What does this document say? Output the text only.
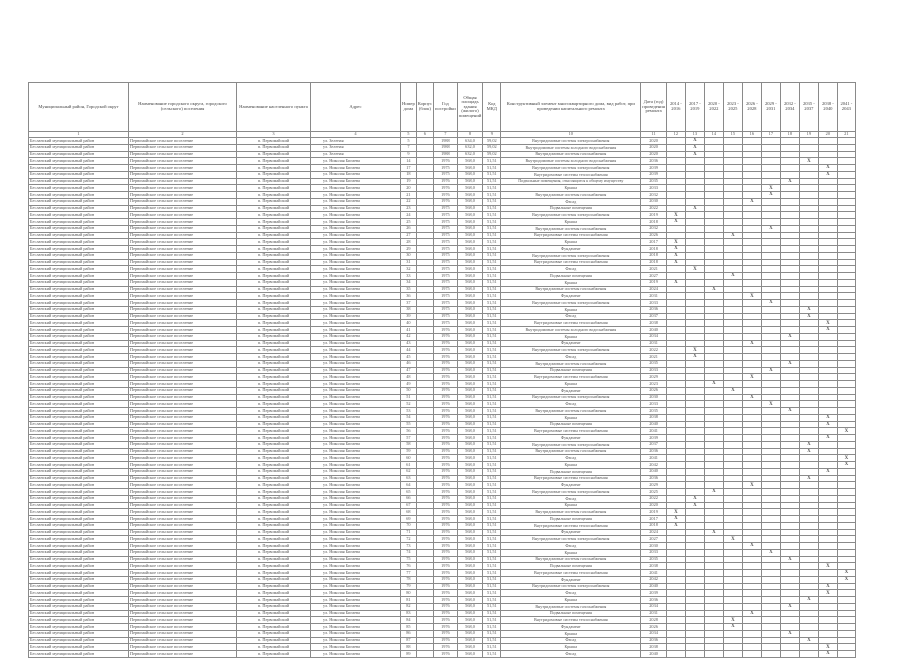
Муниципальный район, Городской округ	Наименование городского округа, городского (сельского) поселения	Наименование населенного пункта	Адрес	Номер дома	Корпус (блок)	Год постройки	Общая площадь здания (жилого) помещений	Код МКД	Конструктивный элемент многоквартирного дома, вид работ, при проведении капитального ремонта	Дата (год) проведения ремонта	2014 - 2016	2017 - 2019	2020 - 2022	2023 - 2025	2026 - 2028	2029 - 2031	2032 - 2034	2035 - 2037	2038 - 2040	2041 - 2043
1	2	3	4	5	6	7	8	9	10	11	12	13	14	15	16	17	18	19	20	21
Бесланский муниципальный район	Первомайское сельское поселение	п. Первомайский	ул. Зеленая	5		1988	634,0	59,02	Внутридомовые системы электроснабжения	2020		X								
Бесланский муниципальный район	Первомайское сельское поселение	п. Первомайский	ул. Зеленая	7		1988	632,0	59,02	Внутридомовые системы холодного водоснабжения	2020		X								
Бесланский муниципальный район	Первомайское сельское поселение	п. Первомайский	ул. Зеленая	9		1988	632,0	59,02	Внутридомовые системы газоснабжения	2020		X								
Бесланский муниципальный район	Первомайское сельское поселение	п. Первомайский	ул. Николая Бигаева	14		1976	568,0	51,51	Внутридомовые системы холодного водоснабжения	2036								X		
Бесланский муниципальный район	Первомайское сельское поселение	п. Первомайский	ул. Николая Бигаева	17		1975	568,0	51,51	Внутридомовые системы электроснабжения	2039									X	
Бесланский муниципальный район	Первомайское сельское поселение	п. Первомайский	ул. Николая Бигаева	18		1975	568,0	51,51	Внутридомовые системы теплоснабжения	2039									X	
Бесланский муниципальный район	Первомайское сельское поселение	п. Первомайский	ул. Николая Бигаева	19		1976	568,0	51,51	Подвальные помещения, относящиеся к общему имуществу	2035							X			
Бесланский муниципальный район	Первомайское сельское поселение	п. Первомайский	ул. Николая Бигаева	20		1976	568,0	51,51	Крыша	2033						X				
Бесланский муниципальный район	Первомайское сельское поселение	п. Первомайский	ул. Николая Бигаева	21		1976	568,0	51,51	Внутридомовые системы газоснабжения	2032						X				
Бесланский муниципальный район	Первомайское сельское поселение	п. Первомайский	ул. Николая Бигаева	22		1976	568,0	51,51	Фасад	2030					X					
Бесланский муниципальный район	Первомайское сельское поселение	п. Первомайский	ул. Николая Бигаева	23		1975	568,0	51,51	Подвальные помещения	2022		X								
Бесланский муниципальный район	Первомайское сельское поселение	п. Первомайский	ул. Николая Бигаева	24		1975	568,0	51,51	Внутридомовые системы электроснабжения	2019	X									
Бесланский муниципальный район	Первомайское сельское поселение	п. Первомайский	ул. Николая Бигаева	25		1975	568,0	51,51	Крыша	2018	X									
Бесланский муниципальный район	Первомайское сельское поселение	п. Первомайский	ул. Николая Бигаева	26		1975	568,0	51,51	Внутридомовые системы газоснабжения	2032						X				
Бесланский муниципальный район	Первомайское сельское поселение	п. Первомайский	ул. Николая Бигаева	27		1975	568,0	51,51	Внутридомовые системы теплоснабжения	2026				X						
Бесланский муниципальный район	Первомайское сельское поселение	п. Первомайский	ул. Николая Бигаева	28		1975	568,0	51,51	Крыша	2017	X									
Бесланский муниципальный район	Первомайское сельское поселение	п. Первомайский	ул. Николая Бигаева	29		1975	568,0	51,51	Фундамент	2018	X									
Бесланский муниципальный район	Первомайское сельское поселение	п. Первомайский	ул. Николая Бигаева	30		1975	568,0	51,51	Внутридомовые системы электроснабжения	2018	X									
Бесланский муниципальный район	Первомайское сельское поселение	п. Первомайский	ул. Николая Бигаева	31		1975	568,0	51,51	Внутридомовые системы теплоснабжения	2018	X									
Бесланский муниципальный район	Первомайское сельское поселение	п. Первомайский	ул. Николая Бигаева	32		1975	568,0	51,51	Фасад	2021		X								
Бесланский муниципальный район	Первомайское сельское поселение	п. Первомайский	ул. Николая Бигаева	33		1975	568,0	51,51	Подвальные помещения	2027				X						
Бесланский муниципальный район	Первомайское сельское поселение	п. Первомайский	ул. Николая Бигаева	34		1975	568,0	51,51	Крыша	2019	X									
Бесланский муниципальный район	Первомайское сельское поселение	п. Первомайский	ул. Николая Бигаева	35		1975	568,0	51,51	Внутридомовые системы газоснабжения	2024			X							
Бесланский муниципальный район	Первомайское сельское поселение	п. Первомайский	ул. Николая Бигаева	36		1975	568,0	51,51	Фундамент	2031					X					
Бесланский муниципальный район	Первомайское сельское поселение	п. Первомайский	ул. Николая Бигаева	37		1975	568,0	51,51	Внутридомовые системы электроснабжения	2033						X				
Бесланский муниципальный район	Первомайское сельское поселение	п. Первомайский	ул. Николая Бигаева	38		1975	568,0	51,51	Крыша	2036								X		
Бесланский муниципальный район	Первомайское сельское поселение	п. Первомайский	ул. Николая Бигаева	39		1975	568,0	51,51	Фасад	2037								X		
Бесланский муниципальный район	Первомайское сельское поселение	п. Первомайский	ул. Николая Бигаева	40		1975	568,0	51,51	Внутридомовые системы теплоснабжения	2038									X	
Бесланский муниципальный район	Первомайское сельское поселение	п. Первомайский	ул. Николая Бигаева	41		1976	568,0	51,51	Внутридомовые системы холодного водоснабжения	2040									X	
Бесланский муниципальный район	Первомайское сельское поселение	п. Первомайский	ул. Николая Бигаева	42		1976	568,0	51,51	Крыша	2034							X			
Бесланский муниципальный район	Первомайское сельское поселение	п. Первомайский	ул. Николая Бигаева	43		1976	568,0	51,51	Фундамент	2031					X					
Бесланский муниципальный район	Первомайское сельское поселение	п. Первомайский	ул. Николая Бигаева	44		1976	568,0	51,51	Внутридомовые системы электроснабжения	2022		X								
Бесланский муниципальный район	Первомайское сельское поселение	п. Первомайский	ул. Николая Бигаева	45		1976	568,0	51,51	Фасад	2021		X								
Бесланский муниципальный район	Первомайское сельское поселение	п. Первомайский	ул. Николая Бигаева	46		1976	568,0	51,51	Внутридомовые системы газоснабжения	2035							X			
Бесланский муниципальный район	Первомайское сельское поселение	п. Первомайский	ул. Николая Бигаева	47		1976	568,0	51,51	Подвальные помещения	2033						X				
Бесланский муниципальный район	Первомайское сельское поселение	п. Первомайский	ул. Николая Бигаева	48		1976	568,0	51,51	Внутридомовые системы теплоснабжения	2029					X					
Бесланский муниципальный район	Первомайское сельское поселение	п. Первомайский	ул. Николая Бигаева	49		1976	568,0	51,51	Крыша	2023			X							
Бесланский муниципальный район	Первомайское сельское поселение	п. Первомайский	ул. Николая Бигаева	50		1976	568,0	51,51	Фундамент	2026				X						
Бесланский муниципальный район	Первомайское сельское поселение	п. Первомайский	ул. Николая Бигаева	51		1976	568,0	51,51	Внутридомовые системы электроснабжения	2030					X					
Бесланский муниципальный район	Первомайское сельское поселение	п. Первомайский	ул. Николая Бигаева	52		1976	568,0	51,51	Фасад	2033						X				
Бесланский муниципальный район	Первомайское сельское поселение	п. Первомайский	ул. Николая Бигаева	53		1976	568,0	51,51	Внутридомовые системы газоснабжения	2035							X			
Бесланский муниципальный район	Первомайское сельское поселение	п. Первомайский	ул. Николая Бигаева	54		1976	568,0	51,51	Крыша	2038									X	
Бесланский муниципальный район	Первомайское сельское поселение	п. Первомайский	ул. Николая Бигаева	55		1976	568,0	51,51	Подвальные помещения	2040									X	
Бесланский муниципальный район	Первомайское сельское поселение	п. Первомайский	ул. Николая Бигаева	56		1976	568,0	51,51	Внутридомовые системы теплоснабжения	2041										X
Бесланский муниципальный район	Первомайское сельское поселение	п. Первомайский	ул. Николая Бигаева	57		1976	568,0	51,51	Фундамент	2039									X	
Бесланский муниципальный район	Первомайское сельское поселение	п. Первомайский	ул. Николая Бигаева	58		1976	568,0	51,51	Внутридомовые системы электроснабжения	2037								X		
Бесланский муниципальный район	Первомайское сельское поселение	п. Первомайский	ул. Николая Бигаева	59		1976	568,0	51,51	Внутридомовые системы газоснабжения	2036								X		
Бесланский муниципальный район	Первомайское сельское поселение	п. Первомайский	ул. Николая Бигаева	60		1976	568,0	51,51	Фасад	2041										X
Бесланский муниципальный район	Первомайское сельское поселение	п. Первомайский	ул. Николая Бигаева	61		1976	568,0	51,51	Крыша	2042										X
Бесланский муниципальный район	Первомайское сельское поселение	п. Первомайский	ул. Николая Бигаева	62		1976	568,0	51,51	Подвальные помещения	2040									X	
Бесланский муниципальный район	Первомайское сельское поселение	п. Первомайский	ул. Николая Бигаева	63		1976	568,0	51,51	Внутридомовые системы теплоснабжения	2036								X		
Бесланский муниципальный район	Первомайское сельское поселение	п. Первомайский	ул. Николая Бигаева	64		1976	568,0	51,51	Фундамент	2029					X					
Бесланский муниципальный район	Первомайское сельское поселение	п. Первомайский	ул. Николая Бигаева	65		1976	568,0	51,51	Внутридомовые системы электроснабжения	2025			X							
Бесланский муниципальный район	Первомайское сельское поселение	п. Первомайский	ул. Николая Бигаева	66		1976	568,0	51,51	Фасад	2022		X								
Бесланский муниципальный район	Первомайское сельское поселение	п. Первомайский	ул. Николая Бигаева	67		1976	568,0	51,51	Крыша	2020		X								
Бесланский муниципальный район	Первомайское сельское поселение	п. Первомайский	ул. Николая Бигаева	68		1976	568,0	51,51	Внутридомовые системы газоснабжения	2019	X									
Бесланский муниципальный район	Первомайское сельское поселение	п. Первомайский	ул. Николая Бигаева	69		1976	568,0	51,51	Подвальные помещения	2017	X									
Бесланский муниципальный район	Первомайское сельское поселение	п. Первомайский	ул. Николая Бигаева	70		1976	568,0	51,51	Внутридомовые системы теплоснабжения	2018	X									
Бесланский муниципальный район	Первомайское сельское поселение	п. Первомайский	ул. Николая Бигаева	71		1976	568,0	51,51	Фундамент	2024			X							
Бесланский муниципальный район	Первомайское сельское поселение	п. Первомайский	ул. Николая Бигаева	72		1976	568,0	51,51	Внутридомовые системы электроснабжения	2027				X						
Бесланский муниципальный район	Первомайское сельское поселение	п. Первомайский	ул. Николая Бигаева	73		1976	568,0	51,51	Фасад	2030					X					
Бесланский муниципальный район	Первомайское сельское поселение	п. Первомайский	ул. Николая Бигаева	74		1976	568,0	51,51	Крыша	2033						X				
Бесланский муниципальный район	Первомайское сельское поселение	п. Первомайский	ул. Николая Бигаева	75		1976	568,0	51,51	Внутридомовые системы газоснабжения	2035							X			
Бесланский муниципальный район	Первомайское сельское поселение	п. Первомайский	ул. Николая Бигаева	76		1976	568,0	51,51	Подвальные помещения	2038									X	
Бесланский муниципальный район	Первомайское сельское поселение	п. Первомайский	ул. Николая Бигаева	77		1976	568,0	51,51	Внутридомовые системы теплоснабжения	2041										X
Бесланский муниципальный район	Первомайское сельское поселение	п. Первомайский	ул. Николая Бигаева	78		1976	568,0	51,51	Фундамент	2042										X
Бесланский муниципальный район	Первомайское сельское поселение	п. Первомайский	ул. Николая Бигаева	79		1976	568,0	51,51	Внутридомовые системы электроснабжения	2040									X	
Бесланский муниципальный район	Первомайское сельское поселение	п. Первомайский	ул. Николая Бигаева	80		1976	568,0	51,51	Фасад	2039									X	
Бесланский муниципальный район	Первомайское сельское поселение	п. Первомайский	ул. Николая Бигаева	81		1976	568,0	51,51	Крыша	2036								X		
Бесланский муниципальный район	Первомайское сельское поселение	п. Первомайский	ул. Николая Бигаева	82		1976	568,0	51,51	Внутридомовые системы газоснабжения	2034							X			
Бесланский муниципальный район	Первомайское сельское поселение	п. Первомайский	ул. Николая Бигаева	83		1976	568,0	51,51	Подвальные помещения	2031					X					
Бесланский муниципальный район	Первомайское сельское поселение	п. Первомайский	ул. Николая Бигаева	84		1976	568,0	51,51	Внутридомовые системы теплоснабжения	2028				X						
Бесланский муниципальный район	Первомайское сельское поселение	п. Первомайский	ул. Николая Бигаева	85		1976	568,0	51,51	Фундамент	2026				X						
Бесланский муниципальный район	Первомайское сельское поселение	п. Первомайский	ул. Николая Бигаева	86		1976	568,0	51,51	Крыша	2034							X			
Бесланский муниципальный район	Первомайское сельское поселение	п. Первомайский	ул. Николая Бигаева	87		1976	568,0	51,51	Фасад	2036								X		
Бесланский муниципальный район	Первомайское сельское поселение	п. Первомайский	ул. Николая Бигаева	88		1976	568,0	51,51	Крыша	2038									X	
Бесланский муниципальный район	Первомайское сельское поселение	п. Первомайский	ул. Николая Бигаева	89		1976	568,0	51,51	Фасад	2040									X	
